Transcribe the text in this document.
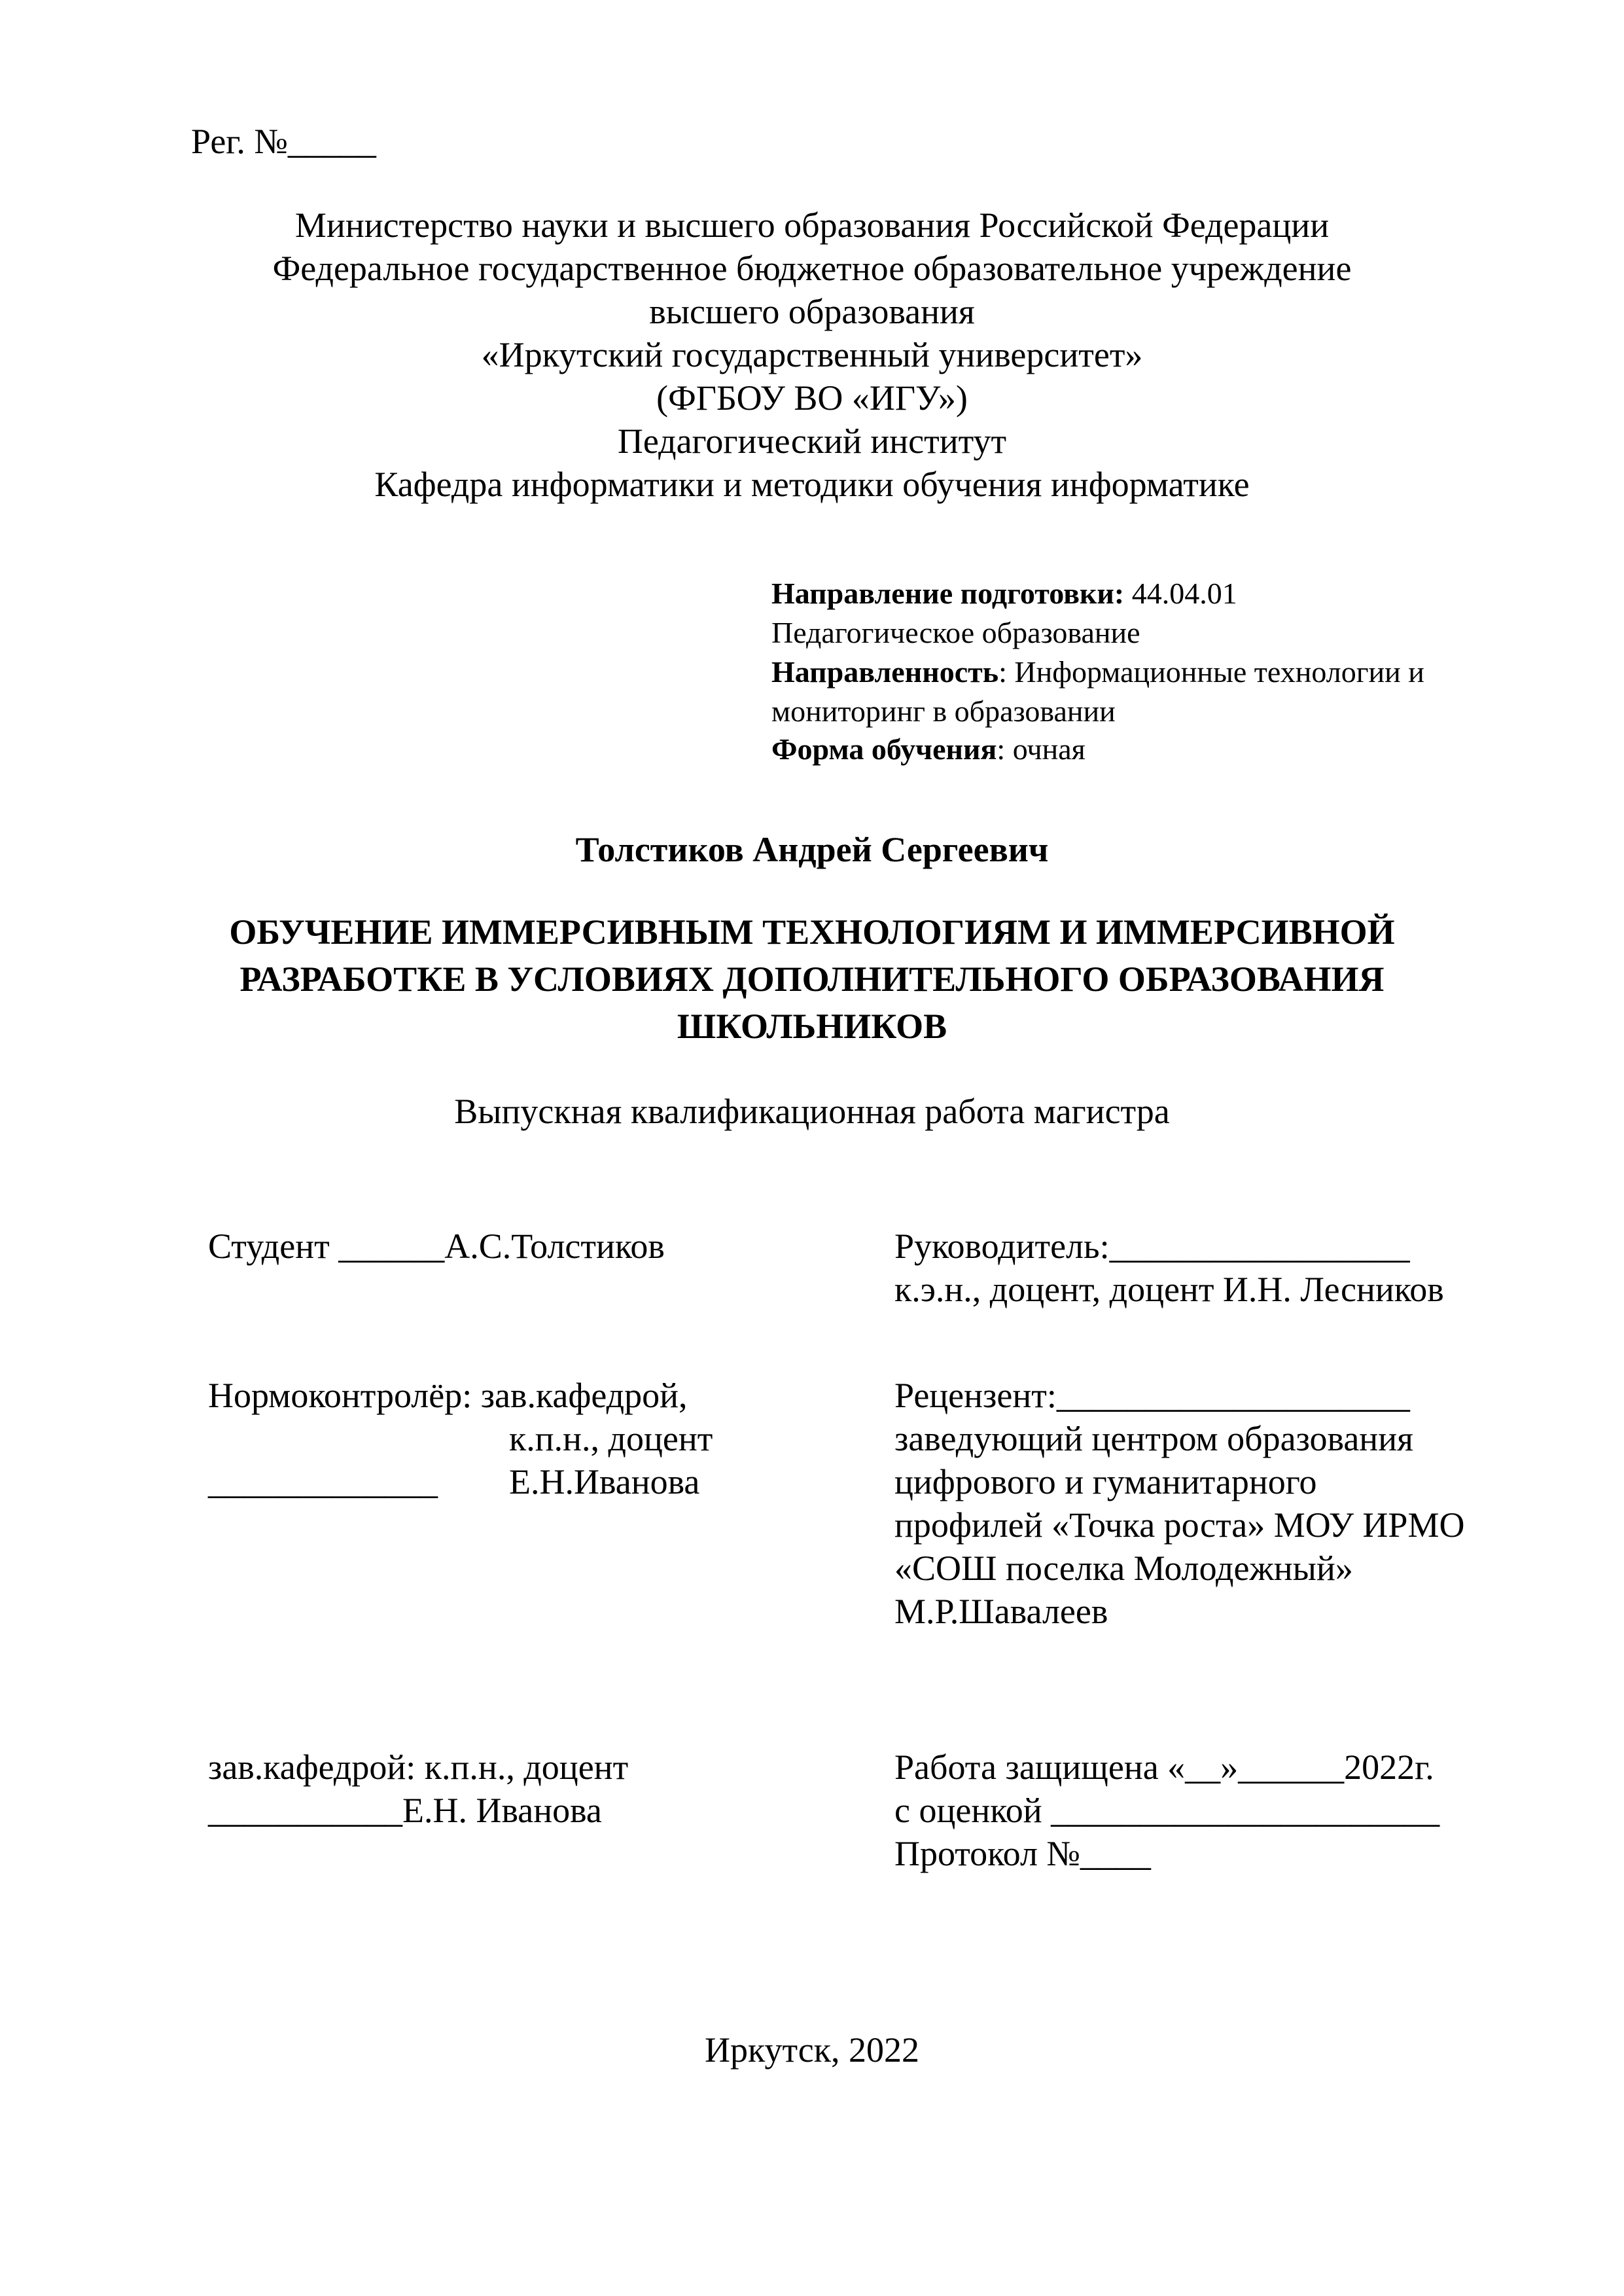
Рег. №_____
Министерство науки и высшего образования Российской Федерации
Федеральное государственное бюджетное образовательное учреждение
высшего образования
«Иркутский государственный университет»
(ФГБОУ ВО «ИГУ»)
Педагогический институт
Кафедра информатики и методики обучения информатике
Направление подготовки: 44.04.01
Педагогическое образование
Направленность: Информационные технологии и
мониторинг в образовании
Форма обучения: очная
Толстиков Андрей Сергеевич
ОБУЧЕНИЕ ИММЕРСИВНЫМ ТЕХНОЛОГИЯМ И ИММЕРСИВНОЙ
РАЗРАБОТКЕ В УСЛОВИЯХ ДОПОЛНИТЕЛЬНОГО ОБРАЗОВАНИЯ
ШКОЛЬНИКОВ
Выпускная квалификационная работа магистра
Студент ______А.С.Толстиков	Руководитель:_________________
к.э.н., доцент, доцент И.Н. Лесников
Нормоконтролёр: зав.кафедрой,
к.п.н., доцент
_____________ Е.Н.Иванова
Рецензент:____________________
заведующий центром образования
цифрового и гуманитарного
профилей «Точка роста» МОУ ИРМО
«СОШ поселка Молодежный»
М.Р.Шавалеев
зав.кафедрой: к.п.н., доцент
___________Е.Н. Иванова
Работа защищена «__»______2022г.
с оценкой ______________________
Протокол №____
Иркутск, 2022
